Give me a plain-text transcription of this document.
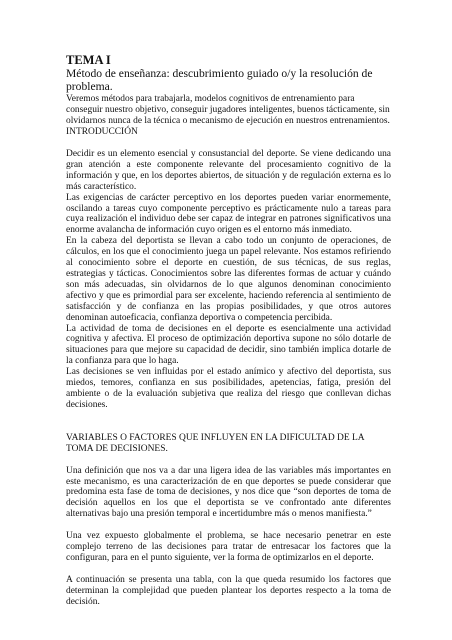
TEMA I

Método de enseñanza: descubrimiento guiado o/y la resolución de problema.

Veremos métodos para trabajarla, modelos cognitivos de entrenamiento para conseguir nuestro objetivo, conseguir jugadores inteligentes, buenos tácticamente, sin olvidarnos nunca de la técnica o mecanismo de ejecución en nuestros entrenamientos.

INTRODUCCIÓN

Decidir es un elemento esencial y consustancial del deporte. Se viene dedicando una gran atención a este componente relevante del procesamiento cognitivo de la información y que, en los deportes abiertos, de situación y de regulación externa es lo más característico.

Las exigencias de carácter perceptivo en los deportes pueden variar enormemente, oscilando a tareas cuyo componente perceptivo es prácticamente nulo a tareas para cuya realización el individuo debe ser capaz de integrar en patrones significativos una enorme avalancha de información cuyo origen es el entorno más inmediato.

En la cabeza del deportista se llevan a cabo todo un conjunto de operaciones, de cálculos, en los que el conocimiento juega un papel relevante. Nos estamos refiriendo al conocimiento sobre el deporte en cuestión, de sus técnicas, de sus reglas, estrategias y tácticas. Conocimientos sobre las diferentes formas de actuar y cuándo son más adecuadas, sin olvidarnos de lo que algunos denominan conocimiento afectivo y que es primordial para ser excelente, haciendo referencia al sentimiento de satisfacción y de confianza en las propias posibilidades, y que otros autores denominan autoeficacia, confianza deportiva o competencia percibida.

La actividad de toma de decisiones en el deporte es esencialmente una actividad cognitiva y afectiva. El proceso de optimización deportiva supone no sólo dotarle de situaciones para que mejore su capacidad de decidir, sino también implica dotarle de la confianza para que lo haga.

Las decisiones se ven influidas por el estado anímico y afectivo del deportista, sus miedos, temores, confianza en sus posibilidades, apetencias, fatiga, presión del ambiente o de la evaluación subjetiva que realiza del riesgo que conllevan dichas decisiones.

VARIABLES O FACTORES QUE INFLUYEN EN LA DIFICULTAD DE LA TOMA DE DECISIONES.

Una definición que nos va a dar una ligera idea de las variables más importantes en este mecanismo, es una caracterización de en que deportes se puede considerar que predomina esta fase de toma de decisiones, y nos dice que “son deportes de toma de decisión aquellos en los que el deportista se ve confrontado ante diferentes alternativas bajo una presión temporal e incertidumbre más o menos manifiesta.”

Una vez expuesto globalmente el problema, se hace necesario penetrar en este complejo terreno de las decisiones para tratar de entresacar los factores que la configuran, para en el punto siguiente, ver la forma de optimizarlos en el deporte.

A continuación se presenta una tabla, con la que queda resumido los factores que determinan la complejidad que pueden plantear los deportes respecto a la toma de decisión.
